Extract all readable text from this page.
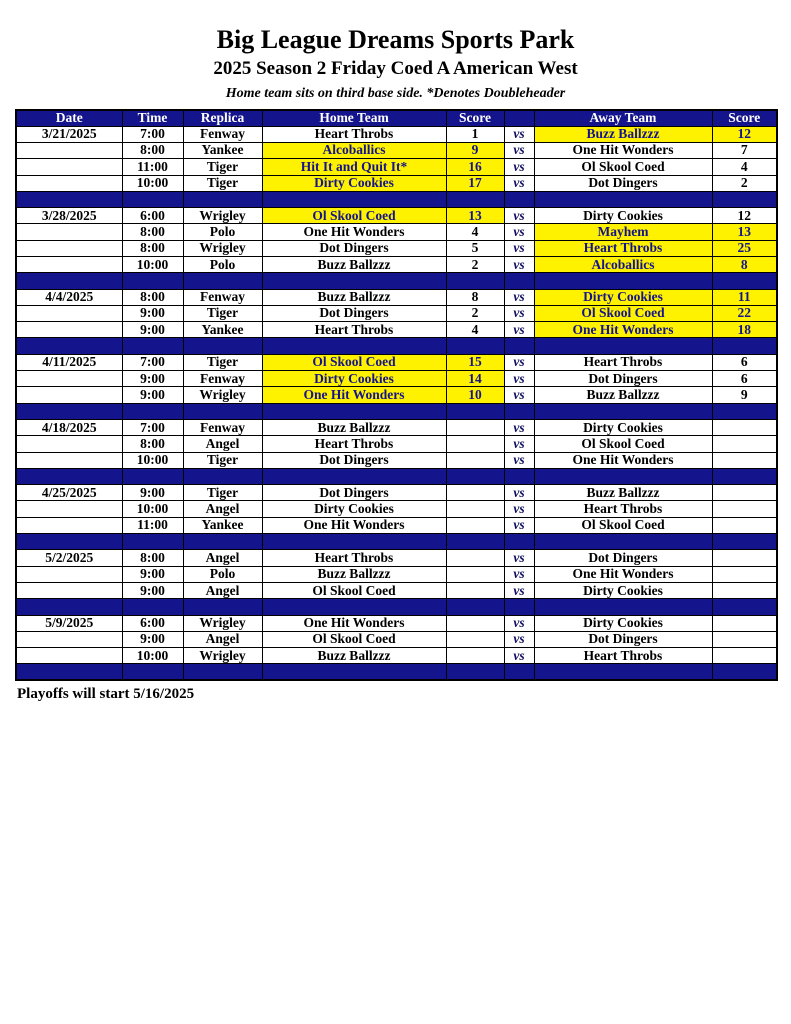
Big League Dreams Sports Park
2025 Season 2 Friday Coed A American West
Home team sits on third base side. *Denotes Doubleheader
Date	Time	Replica	Home Team	Score		Away Team	Score
3/21/2025	7:00	Fenway	Heart Throbs	1	vs	Buzz Ballzzz	12
	8:00	Yankee	Alcoballics	9	vs	One Hit Wonders	7
	11:00	Tiger	Hit It and Quit It*	16	vs	Ol Skool Coed	4
	10:00	Tiger	Dirty Cookies	17	vs	Dot Dingers	2

3/28/2025	6:00	Wrigley	Ol Skool Coed	13	vs	Dirty Cookies	12
	8:00	Polo	One Hit Wonders	4	vs	Mayhem	13
	8:00	Wrigley	Dot Dingers	5	vs	Heart Throbs	25
	10:00	Polo	Buzz Ballzzz	2	vs	Alcoballics	8

4/4/2025	8:00	Fenway	Buzz Ballzzz	8	vs	Dirty Cookies	11
	9:00	Tiger	Dot Dingers	2	vs	Ol Skool Coed	22
	9:00	Yankee	Heart Throbs	4	vs	One Hit Wonders	18

4/11/2025	7:00	Tiger	Ol Skool Coed	15	vs	Heart Throbs	6
	9:00	Fenway	Dirty Cookies	14	vs	Dot Dingers	6
	9:00	Wrigley	One Hit Wonders	10	vs	Buzz Ballzzz	9

4/18/2025	7:00	Fenway	Buzz Ballzzz		vs	Dirty Cookies	
	8:00	Angel	Heart Throbs		vs	Ol Skool Coed	
	10:00	Tiger	Dot Dingers		vs	One Hit Wonders	

4/25/2025	9:00	Tiger	Dot Dingers		vs	Buzz Ballzzz	
	10:00	Angel	Dirty Cookies		vs	Heart Throbs	
	11:00	Yankee	One Hit Wonders		vs	Ol Skool Coed	

5/2/2025	8:00	Angel	Heart Throbs		vs	Dot Dingers	
	9:00	Polo	Buzz Ballzzz		vs	One Hit Wonders	
	9:00	Angel	Ol Skool Coed		vs	Dirty Cookies	

5/9/2025	6:00	Wrigley	One Hit Wonders		vs	Dirty Cookies	
	9:00	Angel	Ol Skool Coed		vs	Dot Dingers	
	10:00	Wrigley	Buzz Ballzzz		vs	Heart Throbs	

Playoffs will start 5/16/2025
